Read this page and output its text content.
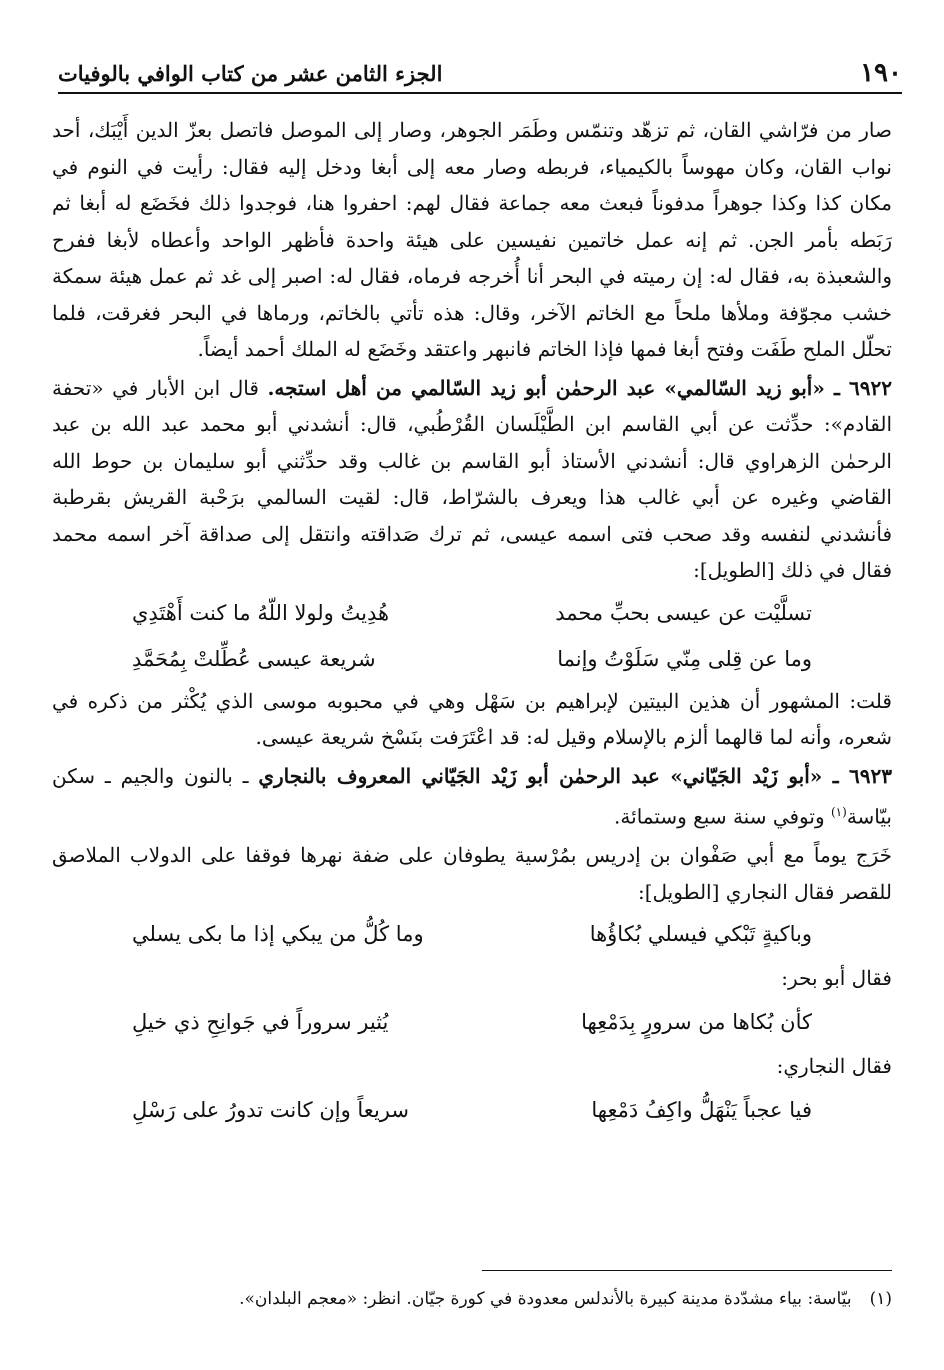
١٩٠
الجزء الثامن عشر من كتاب الوافي بالوفيات

صار من فرّاشي القان، ثم تزهّد وتنمّس وطَمَر الجوهر، وصار إلى الموصل فاتصل بعزّ الدين أَيْبَك، أحد نواب القان، وكان مهوساً بالكيمياء، فربطه وصار معه إلى أبغا ودخل إليه فقال: رأيت في النوم في مكان كذا وكذا جوهراً مدفوناً فبعث معه جماعة فقال لهم: احفروا هنا، فوجدوا ذلك فخَضَع له أبغا ثم رَبَطه بأمر الجن. ثم إنه عمل خاتمين نفيسين على هيئة واحدة فأظهر الواحد وأعطاه لأبغا ففرح والشعبذة به، فقال له: إن رميته في البحر أنا أُخرجه فرماه، فقال له: اصبر إلى غد ثم عمل هيئة سمكة خشب مجوّفة وملأها ملحاً مع الخاتم الآخر، وقال: هذه تأتي بالخاتم، ورماها في البحر فغرقت، فلما تحلّل الملح طَفَت وفتح أبغا فمها فإذا الخاتم فانبهر واعتقد وخَضَع له الملك أحمد أيضاً.

٦٩٢٢ ـ «أبو زيد السّالمي» عبد الرحمٰن أبو زيد السّالمي من أهل استجه. قال ابن الأبار في «تحفة القادم»: حدِّثت عن أبي القاسم ابن الطَّيْلَسان القُرْطُبي، قال: أنشدني أبو محمد عبد الله بن عبد الرحمٰن الزهراوي قال: أنشدني الأستاذ أبو القاسم بن غالب وقد حدِّثني أبو سليمان بن حوط الله القاضي وغيره عن أبي غالب هذا ويعرف بالشرّاط، قال: لقيت السالمي برَحْبة القريش بقرطبة فأنشدني لنفسه وقد صحب فتى اسمه عيسى، ثم ترك صَداقته وانتقل إلى صداقة آخر اسمه محمد فقال في ذلك [الطويل]:

تسلَّيْت عن عيسى بحبِّ محمد
هُدِيتُ ولولا اللّهُ ما كنت أَهْتَدِي
وما عن قِلى مِنّي سَلَوْتُ وإنما
شريعة عيسى عُطِّلتْ بِمُحَمَّدِ

قلت: المشهور أن هذين البيتين لإبراهيم بن سَهْل وهي في محبوبه موسى الذي يُكْثر من ذكره في شعره، وأنه لما قالهما ألزم بالإسلام وقيل له: قد اعْتَرَفت بنَسْخ شريعة عيسى.

٦٩٢٣ ـ «أبو زَيْد الجَيّاني» عبد الرحمٰن أبو زَيْد الجَيّاني المعروف بالنجاري ـ بالنون والجيم ـ سكن بيّاسة$^{(١)}$ وتوفي سنة سبع وستمائة.

خَرَج يوماً مع أبي صَفْوان بن إدريس بمُرْسية يطوفان على ضفة نهرها فوقفا على الدولاب الملاصق للقصر فقال النجاري [الطويل]:

وباكيةٍ تَبْكي فيسلي بُكاؤُها
وما كُلُّ من يبكي إذا ما بكى يسلي

فقال أبو بحر:

كأن بُكاها من سرورٍ بِدَمْعِها
يُثير سروراً في جَوانِحِ ذي خيلِ

فقال النجاري:

فيا عجباً يَنْهَلُّ واكِفُ دَمْعِها
سريعاً وإن كانت تدورُ على رَسْلِ
(١)
بيّاسة: بياء مشدّدة مدينة كبيرة بالأندلس معدودة في كورة جيّان. انظر: «معجم البلدان».
